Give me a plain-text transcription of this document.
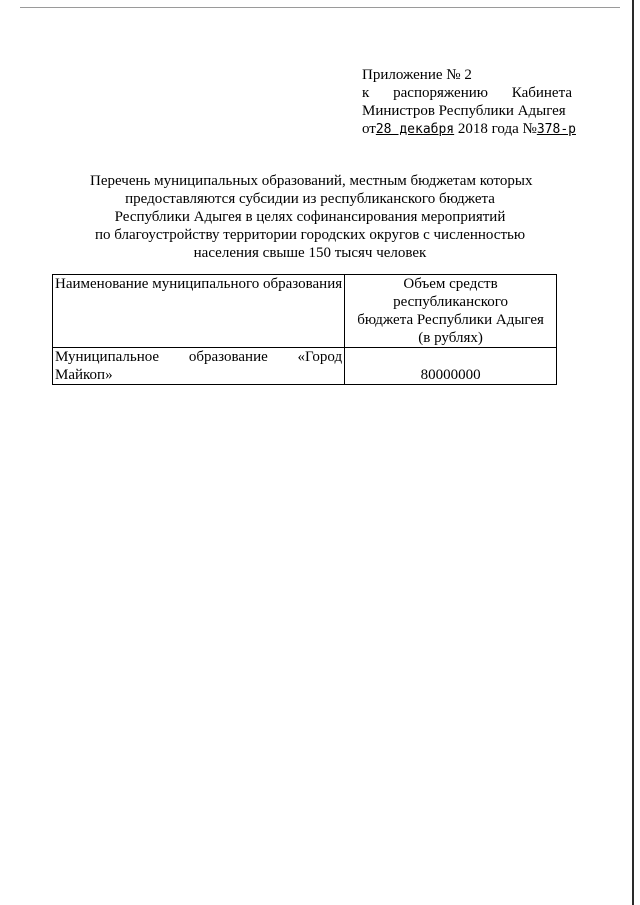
Приложение № 2
к распоряжению Кабинета
Министров Республики Адыгея
от28 декабря 2018 года №378-р
Перечень муниципальных образований, местным бюджетам которых
предоставляются субсидии из республиканского бюджета
Республики Адыгея в целях софинансирования мероприятий
по благоустройству территории городских округов с численностью
населения свыше 150 тысяч человек
Наименование муниципального образования	Объем средств республиканского
бюджета Республики Адыгея
(в рублях)

Муниципальное образование «Город
Майкоп»	80000000
